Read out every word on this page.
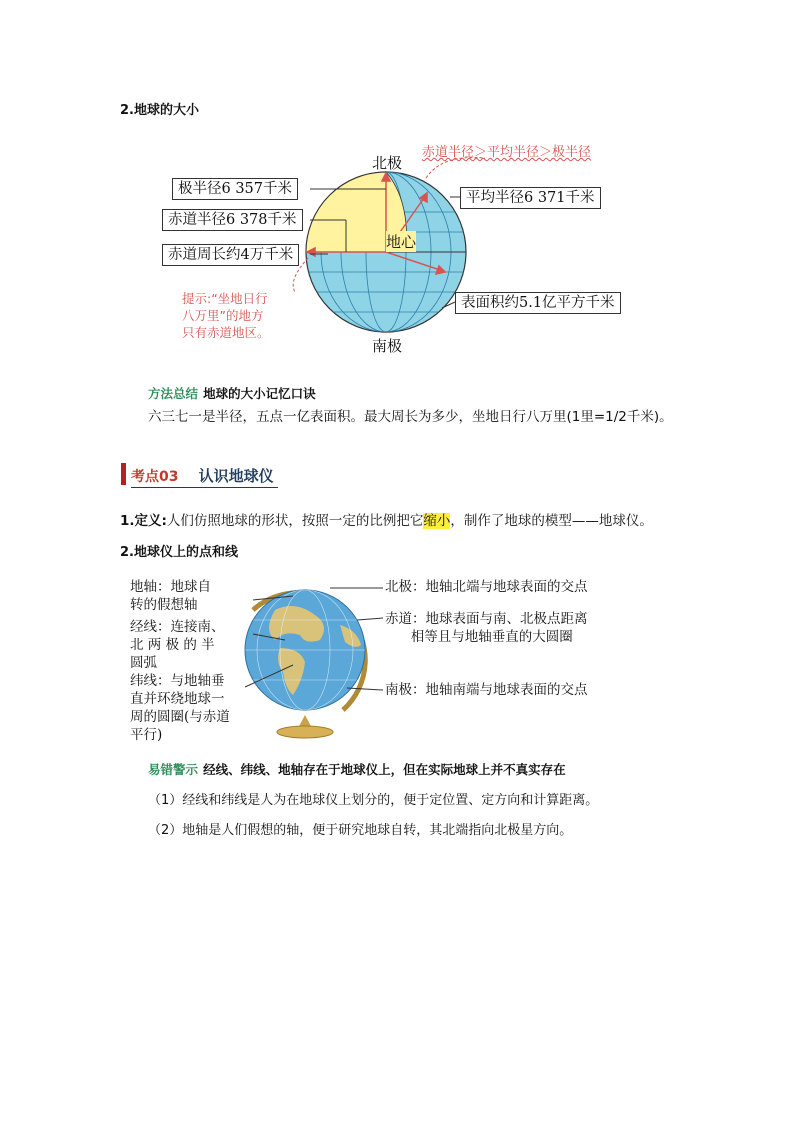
2.地球的大小
北极
南极
地心
极半径6 357千米
赤道半径6 378千米
赤道周长约4万千米
平均半径6 371千米
表面积约5.1亿平方千米
赤道半径＞平均半径＞极半径
提示:“坐地日行
八万里”的地方
只有赤道地区。
方法总结 地球的大小记忆口诀
六三七一是半径，五点一亿表面积。最大周长为多少，坐地日行八万里(1里=1/2千米)。
考点03 认识地球仪
1.定义:人们仿照地球的形状，按照一定的比例把它缩小，制作了地球的模型——地球仪。
2.地球仪上的点和线
地轴：地球自
转的假想轴
经线：连接南、
北 两 极 的 半
圆弧
纬线：与地轴垂
直并环绕地球一
周的圆圈(与赤道
平行)
北极：地轴北端与地球表面的交点
赤道：地球表面与南、北极点距离
相等且与地轴垂直的大圆圈
南极：地轴南端与地球表面的交点
易错警示 经线、纬线、地轴存在于地球仪上，但在实际地球上并不真实存在
（1）经线和纬线是人为在地球仪上划分的，便于定位置、定方向和计算距离。
（2）地轴是人们假想的轴，便于研究地球自转，其北端指向北极星方向。
